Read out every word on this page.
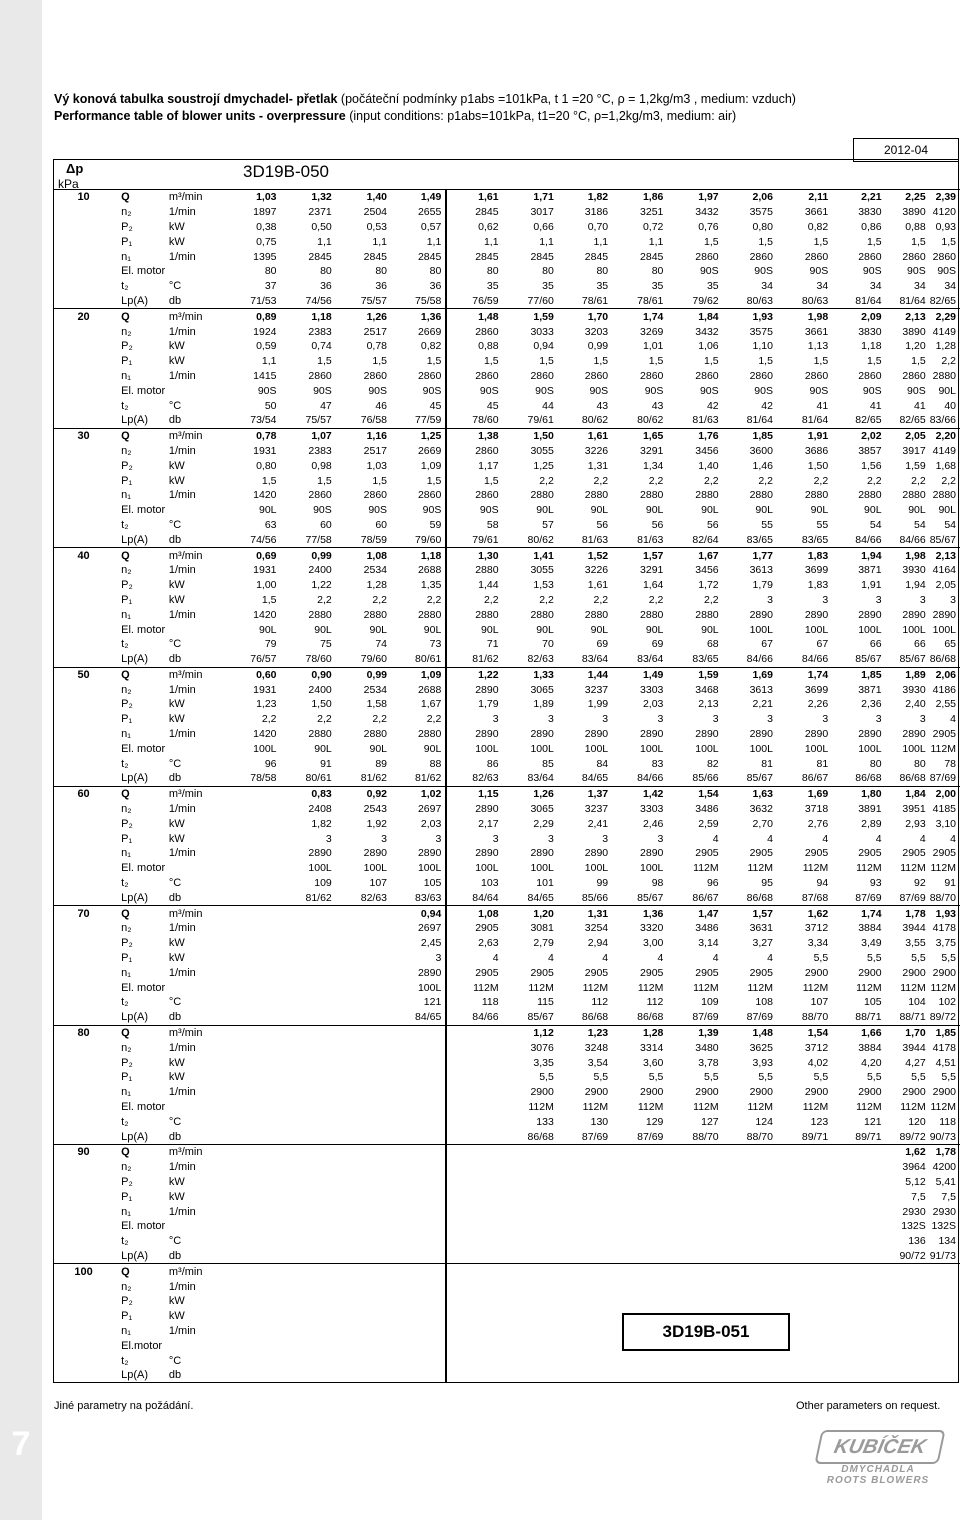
7
Vý konová tabulka soustrojí dmychadel- přetlak (počáteční podmínky p1abs =101kPa, t 1 =20 °C, ρ = 1,2kg/m3 , medium: vzduch)
Performance table of blower units - overpressure (input conditions: p1abs=101kPa, t1=20 °C, ρ=1,2kg/m3, medium: air)
2012-04
Δp
kPa
3D19B-050
10	Q	m³/min	1,03	1,32	1,40	1,49	1,61	1,71	1,82	1,86	1,97	2,06	2,11	2,21	2,25	2,39	
	n₂	1/min	1897	2371	2504	2655	2845	3017	3186	3251	3432	3575	3661	3830	3890	4120	
	P₂	kW	0,38	0,50	0,53	0,57	0,62	0,66	0,70	0,72	0,76	0,80	0,82	0,86	0,88	0,93	
	P₁	kW	0,75	1,1	1,1	1,1	1,1	1,1	1,1	1,1	1,5	1,5	1,5	1,5	1,5	1,5	
	n₁	1/min	1395	2845	2845	2845	2845	2845	2845	2845	2860	2860	2860	2860	2860	2860	
	El. motor		80	80	80	80	80	80	80	80	90S	90S	90S	90S	90S	90S	
	t₂	°C	37	36	36	36	35	35	35	35	35	34	34	34	34	34	
	Lp(A)	db	71/53	74/56	75/57	75/58	76/59	77/60	78/61	78/61	79/62	80/63	80/63	81/64	81/64	82/65	
20	Q	m³/min	0,89	1,18	1,26	1,36	1,48	1,59	1,70	1,74	1,84	1,93	1,98	2,09	2,13	2,29	
	n₂	1/min	1924	2383	2517	2669	2860	3033	3203	3269	3432	3575	3661	3830	3890	4149	
	P₂	kW	0,59	0,74	0,78	0,82	0,88	0,94	0,99	1,01	1,06	1,10	1,13	1,18	1,20	1,28	
	P₁	kW	1,1	1,5	1,5	1,5	1,5	1,5	1,5	1,5	1,5	1,5	1,5	1,5	1,5	2,2	
	n₁	1/min	1415	2860	2860	2860	2860	2860	2860	2860	2860	2860	2860	2860	2860	2880	
	El. motor		90S	90S	90S	90S	90S	90S	90S	90S	90S	90S	90S	90S	90S	90L	
	t₂	°C	50	47	46	45	45	44	43	43	42	42	41	41	41	40	
	Lp(A)	db	73/54	75/57	76/58	77/59	78/60	79/61	80/62	80/62	81/63	81/64	81/64	82/65	82/65	83/66	
30	Q	m³/min	0,78	1,07	1,16	1,25	1,38	1,50	1,61	1,65	1,76	1,85	1,91	2,02	2,05	2,20	
	n₂	1/min	1931	2383	2517	2669	2860	3055	3226	3291	3456	3600	3686	3857	3917	4149	
	P₂	kW	0,80	0,98	1,03	1,09	1,17	1,25	1,31	1,34	1,40	1,46	1,50	1,56	1,59	1,68	
	P₁	kW	1,5	1,5	1,5	1,5	1,5	2,2	2,2	2,2	2,2	2,2	2,2	2,2	2,2	2,2	
	n₁	1/min	1420	2860	2860	2860	2860	2880	2880	2880	2880	2880	2880	2880	2880	2880	
	El. motor		90L	90S	90S	90S	90S	90L	90L	90L	90L	90L	90L	90L	90L	90L	
	t₂	°C	63	60	60	59	58	57	56	56	56	55	55	54	54	54	
	Lp(A)	db	74/56	77/58	78/59	79/60	79/61	80/62	81/63	81/63	82/64	83/65	83/65	84/66	84/66	85/67	
40	Q	m³/min	0,69	0,99	1,08	1,18	1,30	1,41	1,52	1,57	1,67	1,77	1,83	1,94	1,98	2,13	
	n₂	1/min	1931	2400	2534	2688	2880	3055	3226	3291	3456	3613	3699	3871	3930	4164	
	P₂	kW	1,00	1,22	1,28	1,35	1,44	1,53	1,61	1,64	1,72	1,79	1,83	1,91	1,94	2,05	
	P₁	kW	1,5	2,2	2,2	2,2	2,2	2,2	2,2	2,2	2,2	3	3	3	3	3	
	n₁	1/min	1420	2880	2880	2880	2880	2880	2880	2880	2880	2890	2890	2890	2890	2890	
	El. motor		90L	90L	90L	90L	90L	90L	90L	90L	90L	100L	100L	100L	100L	100L	
	t₂	°C	79	75	74	73	71	70	69	69	68	67	67	66	66	65	
	Lp(A)	db	76/57	78/60	79/60	80/61	81/62	82/63	83/64	83/64	83/65	84/66	84/66	85/67	85/67	86/68	
50	Q	m³/min	0,60	0,90	0,99	1,09	1,22	1,33	1,44	1,49	1,59	1,69	1,74	1,85	1,89	2,06	
	n₂	1/min	1931	2400	2534	2688	2890	3065	3237	3303	3468	3613	3699	3871	3930	4186	
	P₂	kW	1,23	1,50	1,58	1,67	1,79	1,89	1,99	2,03	2,13	2,21	2,26	2,36	2,40	2,55	
	P₁	kW	2,2	2,2	2,2	2,2	3	3	3	3	3	3	3	3	3	4	
	n₁	1/min	1420	2880	2880	2880	2890	2890	2890	2890	2890	2890	2890	2890	2890	2905	
	El. motor		100L	90L	90L	90L	100L	100L	100L	100L	100L	100L	100L	100L	100L	112M	
	t₂	°C	96	91	89	88	86	85	84	83	82	81	81	80	80	78	
	Lp(A)	db	78/58	80/61	81/62	81/62	82/63	83/64	84/65	84/66	85/66	85/67	86/67	86/68	86/68	87/69	
60	Q	m³/min		0,83	0,92	1,02	1,15	1,26	1,37	1,42	1,54	1,63	1,69	1,80	1,84	2,00	
	n₂	1/min		2408	2543	2697	2890	3065	3237	3303	3486	3632	3718	3891	3951	4185	
	P₂	kW		1,82	1,92	2,03	2,17	2,29	2,41	2,46	2,59	2,70	2,76	2,89	2,93	3,10	
	P₁	kW		3	3	3	3	3	3	3	4	4	4	4	4	4	
	n₁	1/min		2890	2890	2890	2890	2890	2890	2890	2905	2905	2905	2905	2905	2905	
	El. motor			100L	100L	100L	100L	100L	100L	100L	112M	112M	112M	112M	112M	112M	
	t₂	°C		109	107	105	103	101	99	98	96	95	94	93	92	91	
	Lp(A)	db		81/62	82/63	83/63	84/64	84/65	85/66	85/67	86/67	86/68	87/68	87/69	87/69	88/70	
70	Q	m³/min				0,94	1,08	1,20	1,31	1,36	1,47	1,57	1,62	1,74	1,78	1,93	
	n₂	1/min				2697	2905	3081	3254	3320	3486	3631	3712	3884	3944	4178	
	P₂	kW				2,45	2,63	2,79	2,94	3,00	3,14	3,27	3,34	3,49	3,55	3,75	
	P₁	kW				3	4	4	4	4	4	4	5,5	5,5	5,5	5,5	
	n₁	1/min				2890	2905	2905	2905	2905	2905	2905	2900	2900	2900	2900	
	El. motor					100L	112M	112M	112M	112M	112M	112M	112M	112M	112M	112M	
	t₂	°C				121	118	115	112	112	109	108	107	105	104	102	
	Lp(A)	db				84/65	84/66	85/67	86/68	86/68	87/69	87/69	88/70	88/71	88/71	89/72	
80	Q	m³/min						1,12	1,23	1,28	1,39	1,48	1,54	1,66	1,70	1,85	
	n₂	1/min						3076	3248	3314	3480	3625	3712	3884	3944	4178	
	P₂	kW						3,35	3,54	3,60	3,78	3,93	4,02	4,20	4,27	4,51	
	P₁	kW						5,5	5,5	5,5	5,5	5,5	5,5	5,5	5,5	5,5	
	n₁	1/min						2900	2900	2900	2900	2900	2900	2900	2900	2900	
	El. motor							112M	112M	112M	112M	112M	112M	112M	112M	112M	
	t₂	°C						133	130	129	127	124	123	121	120	118	
	Lp(A)	db						86/68	87/69	87/69	88/70	88/70	89/71	89/71	89/72	90/73	
90	Q	m³/min													1,62	1,78	
	n₂	1/min													3964	4200	
	P₂	kW													5,12	5,41	
	P₁	kW													7,5	7,5	
	n₁	1/min													2930	2930	
	El. motor														132S	132S	
	t₂	°C													136	134	
	Lp(A)	db													90/72	91/73	
100	Q	m³/min															
	n₂	1/min															
	P₂	kW															
	P₁	kW															
	n₁	1/min															
	El.motor																
	t₂	°C															
	Lp(A)	db															
3D19B-051
Jiné parametry na požádání.	Other parameters on request.
KUBÍČEK
DMYCHADLA
ROOTS BLOWERS
